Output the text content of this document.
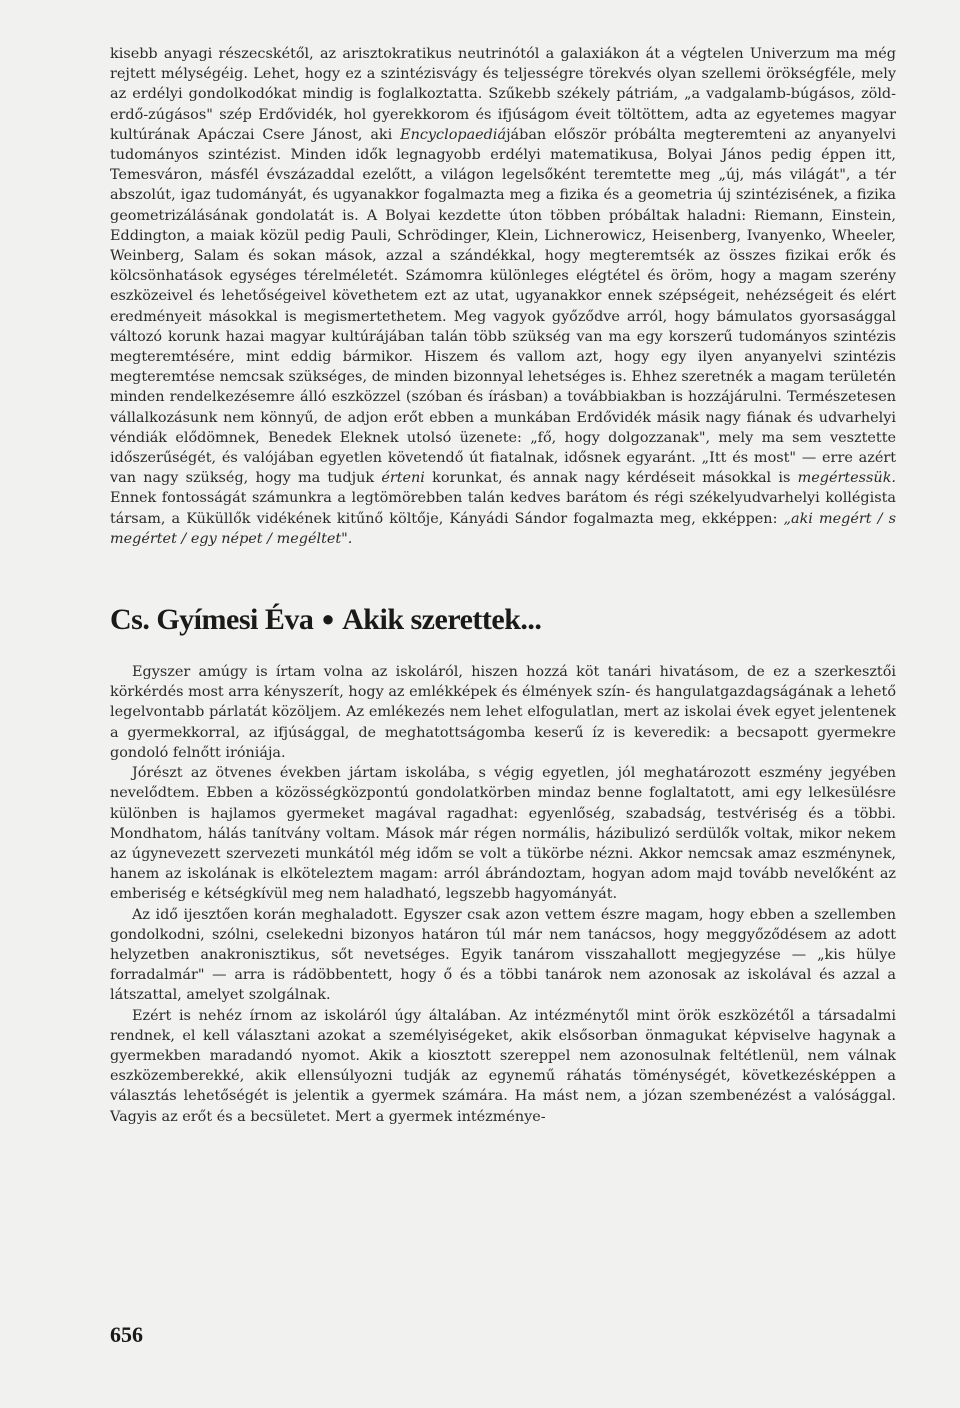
kisebb anyagi részecskétől, az arisztokratikus neutrinótól a galaxiákon át a végtelen Univerzum ma még rejtett mélységéig. Lehet, hogy ez a szintézisvágy és teljességre törekvés olyan szellemi örökségféle, mely az erdélyi gondolkodókat mindig is foglalkoztatta. Szűkebb székely pátriám, „a vadgalamb-búgásos, zöld-erdő-zúgásos" szép Erdővidék, hol gyerekkorom és ifjúságom éveit töltöttem, adta az egyetemes magyar kultúrának Apáczai Csere Jánost, aki Encyclopaediájában először próbálta megteremteni az anyanyelvi tudományos szintézist. Minden idők legnagyobb erdélyi matematikusa, Bolyai János pedig éppen itt, Temesváron, másfél évszázaddal ezelőtt, a világon legelsőként teremtette meg „új, más világát", a tér abszolút, igaz tudományát, és ugyanakkor fogalmazta meg a fizika és a geometria új szintézisének, a fizika geometrizálásának gondolatát is. A Bolyai kezdette úton többen próbáltak haladni: Riemann, Einstein, Eddington, a maiak közül pedig Pauli, Schrödinger, Klein, Lichnerowicz, Heisenberg, Ivanyenko, Wheeler, Weinberg, Salam és sokan mások, azzal a szándékkal, hogy megteremtsék az összes fizikai erők és kölcsönhatások egységes térelméletét. Számomra különleges elégtétel és öröm, hogy a magam szerény eszközeivel és lehetőségeivel követhetem ezt az utat, ugyanakkor ennek szépségeit, nehézségeit és elért eredményeit másokkal is megismertethetem. Meg vagyok győződve arról, hogy bámulatos gyorsasággal változó korunk hazai magyar kultúrájában talán több szükség van ma egy korszerű tudományos szintézis megteremtésére, mint eddig bármikor. Hiszem és vallom azt, hogy egy ilyen anyanyelvi szintézis megteremtése nemcsak szükséges, de minden bizonnyal lehetséges is. Ehhez szeretnék a magam területén minden rendelkezésemre álló eszközzel (szóban és írásban) a továbbiakban is hozzájárulni. Természetesen vállalkozásunk nem könnyű, de adjon erőt ebben a munkában Erdővidék másik nagy fiának és udvarhelyi véndiák elődömnek, Benedek Eleknek utolsó üzenete: „fő, hogy dolgozzanak", mely ma sem vesztette időszerűségét, és valójában egyetlen követendő út fiatalnak, idősnek egyaránt. „Itt és most" — erre azért van nagy szükség, hogy ma tudjuk érteni korunkat, és annak nagy kérdéseit másokkal is megértessük. Ennek fontosságát számunkra a legtömörebben talán kedves barátom és régi székelyudvarhelyi kollégista társam, a Küküllők vidékének kitűnő költője, Kányádi Sándor fogalmazta meg, ekképpen: „aki megért / s megértet / egy népet / megéltet".

Cs. Gyímesi Éva ● Akik szerettek...

Egyszer amúgy is írtam volna az iskoláról, hiszen hozzá köt tanári hivatásom, de ez a szerkesztői körkérdés most arra kényszerít, hogy az emlékképek és élmények szín- és hangulatgazdagságának a lehető legelvontabb párlatát közöljem. Az emlékezés nem lehet elfogulatlan, mert az iskolai évek egyet jelentenek a gyermekkorral, az ifjúsággal, de meghatottságomba keserű íz is keveredik: a becsapott gyermekre gondoló felnőtt iróniája.

Jórészt az ötvenes években jártam iskolába, s végig egyetlen, jól meghatározott eszmény jegyében nevelődtem. Ebben a közösségközpontú gondolatkörben mindaz benne foglaltatott, ami egy lelkesülésre különben is hajlamos gyermeket magával ragadhat: egyenlőség, szabadság, testvériség és a többi. Mondhatom, hálás tanítvány voltam. Mások már régen normális, házibulizó serdülők voltak, mikor nekem az úgynevezett szervezeti munkától még időm se volt a tükörbe nézni. Akkor nemcsak amaz eszménynek, hanem az iskolának is elköteleztem magam: arról ábrándoztam, hogyan adom majd tovább nevelőként az emberiség e kétségkívül meg nem haladható, legszebb hagyományát.

Az idő ijesztően korán meghaladott. Egyszer csak azon vettem észre magam, hogy ebben a szellemben gondolkodni, szólni, cselekedni bizonyos határon túl már nem tanácsos, hogy meggyőződésem az adott helyzetben anakronisztikus, sőt nevetséges. Egyik tanárom visszahallott megjegyzése — „kis hülye forradalmár" — arra is rádöbbentett, hogy ő és a többi tanárok nem azonosak az iskolával és azzal a látszattal, amelyet szolgálnak.

Ezért is nehéz írnom az iskoláról úgy általában. Az intézménytől mint örök eszközétől a társadalmi rendnek, el kell választani azokat a személyiségeket, akik elsősorban önmagukat képviselve hagynak a gyermekben maradandó nyomot. Akik a kiosztott szereppel nem azonosulnak feltétlenül, nem válnak eszközemberekké, akik ellensúlyozni tudják az egynemű ráhatás töménységét, következésképpen a választás lehetőségét is jelentik a gyermek számára. Ha mást nem, a józan szembenézést a valósággal. Vagyis az erőt és a becsületet. Mert a gyermek intézménye-

656
